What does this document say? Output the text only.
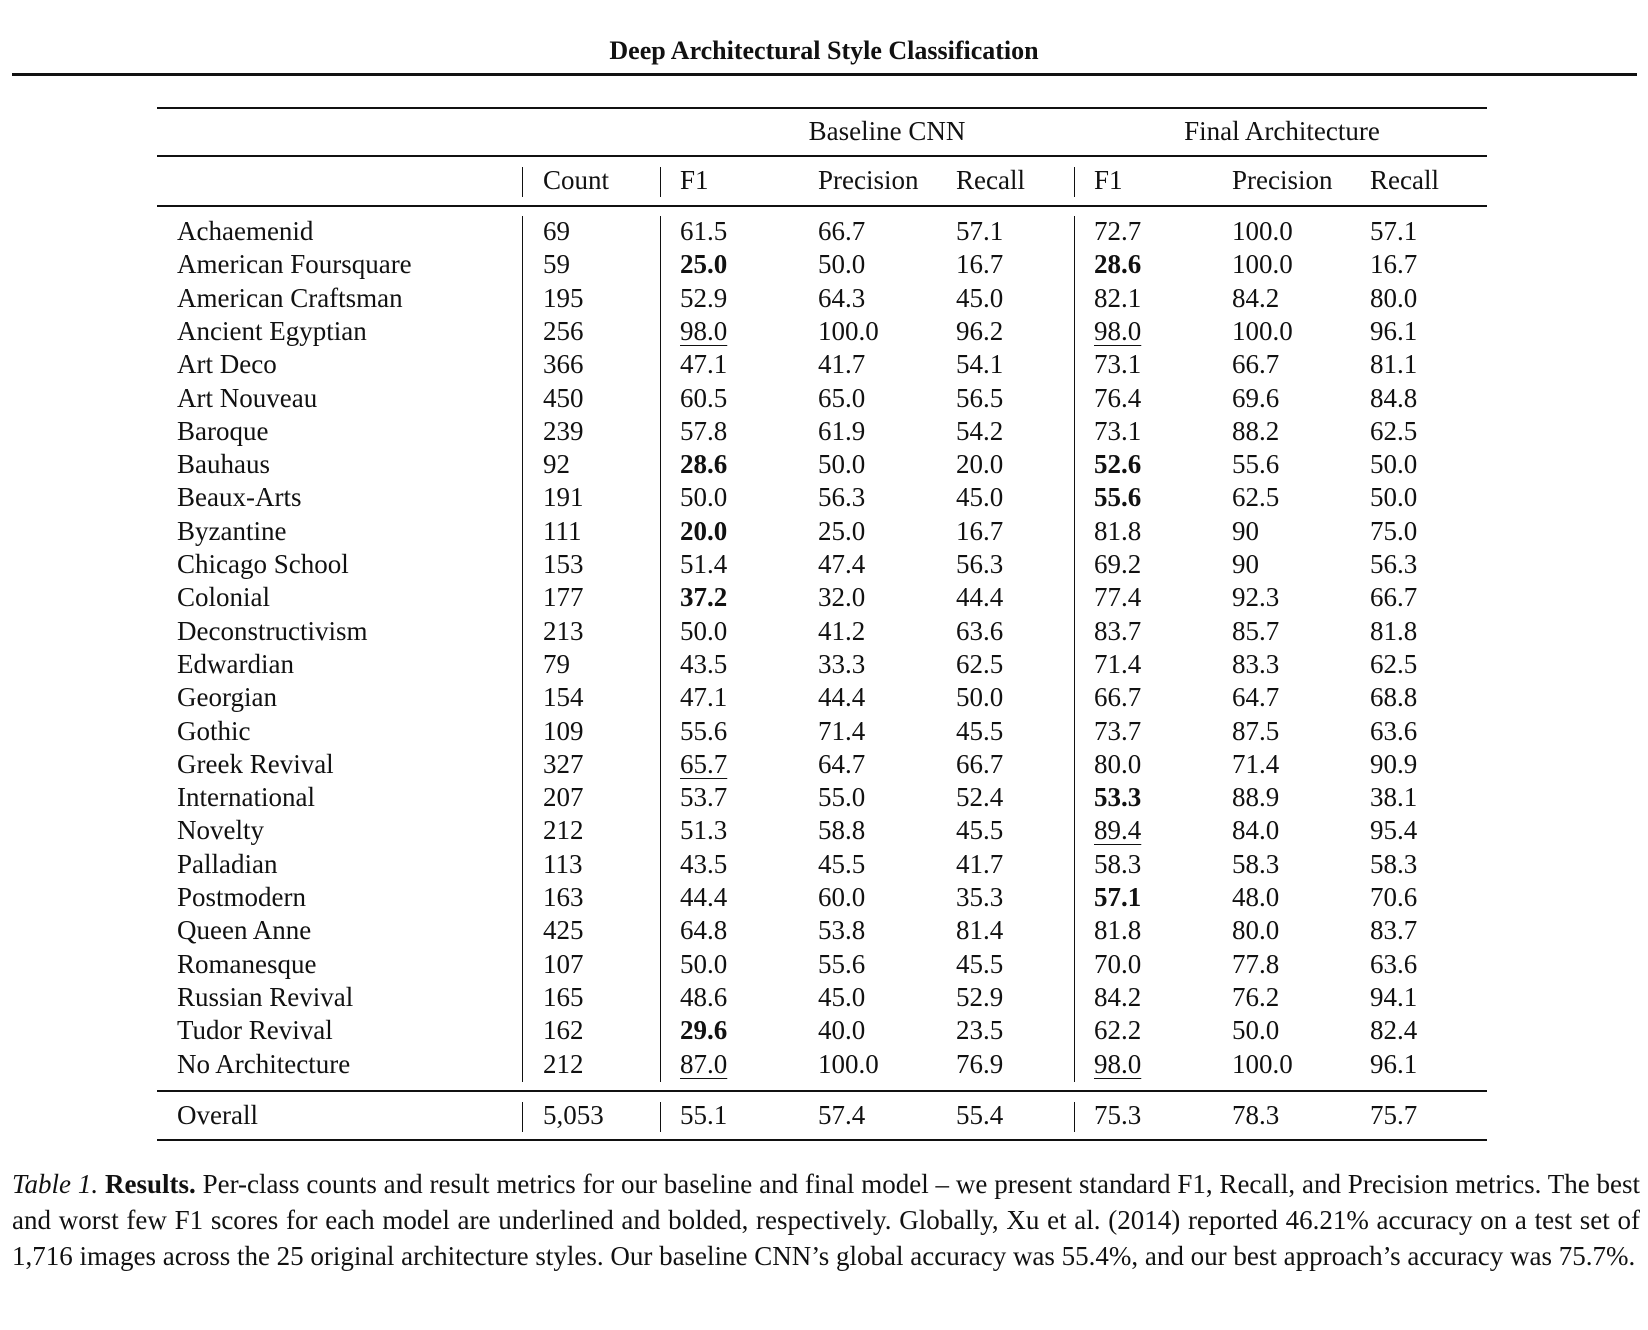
Deep Architectural Style Classification
Baseline CNN	Final Architecture
Count	F1	Precision Recall	F1	Precision Recall
Achaemenid	69	61.5	66.7	57.1	72.7	100.0	57.1
American Foursquare	59	25.0	50.0	16.7	28.6	100.0	16.7
American Craftsman	195	52.9	64.3	45.0	82.1	84.2	80.0
Ancient Egyptian	256	98.0	100.0	96.2	98.0	100.0	96.1
Art Deco	366	47.1	41.7	54.1	73.1	66.7	81.1
Art Nouveau	450	60.5	65.0	56.5	76.4	69.6	84.8
Baroque	239	57.8	61.9	54.2	73.1	88.2	62.5
Bauhaus	92	28.6	50.0	20.0	52.6	55.6	50.0
Beaux-Arts	191	50.0	56.3	45.0	55.6	62.5	50.0
Byzantine	111	20.0	25.0	16.7	81.8	90	75.0
Chicago School	153	51.4	47.4	56.3	69.2	90	56.3
Colonial	177	37.2	32.0	44.4	77.4	92.3	66.7
Deconstructivism	213	50.0	41.2	63.6	83.7	85.7	81.8
Edwardian	79	43.5	33.3	62.5	71.4	83.3	62.5
Georgian	154	47.1	44.4	50.0	66.7	64.7	68.8
Gothic	109	55.6	71.4	45.5	73.7	87.5	63.6
Greek Revival	327	65.7	64.7	66.7	80.0	71.4	90.9
International	207	53.7	55.0	52.4	53.3	88.9	38.1
Novelty	212	51.3	58.8	45.5	89.4	84.0	95.4
Palladian	113	43.5	45.5	41.7	58.3	58.3	58.3
Postmodern	163	44.4	60.0	35.3	57.1	48.0	70.6
Queen Anne	425	64.8	53.8	81.4	81.8	80.0	83.7
Romanesque	107	50.0	55.6	45.5	70.0	77.8	63.6
Russian Revival	165	48.6	45.0	52.9	84.2	76.2	94.1
Tudor Revival	162	29.6	40.0	23.5	62.2	50.0	82.4
No Architecture	212	87.0	100.0	76.9	98.0	100.0	96.1
Overall	5,053	55.1	57.4	55.4	75.3	78.3	75.7
Table 1. Results. Per-class counts and result metrics for our baseline and final model – we present standard F1, Recall, and Precision metrics. The best and worst few F1 scores for each model are underlined and bolded, respectively. Globally, Xu et al. (2014) reported 46.21% accuracy on a test set of 1,716 images across the 25 original architecture styles. Our baseline CNN’s global accuracy was 55.4%, and our best approach’s accuracy was 75.7%.
